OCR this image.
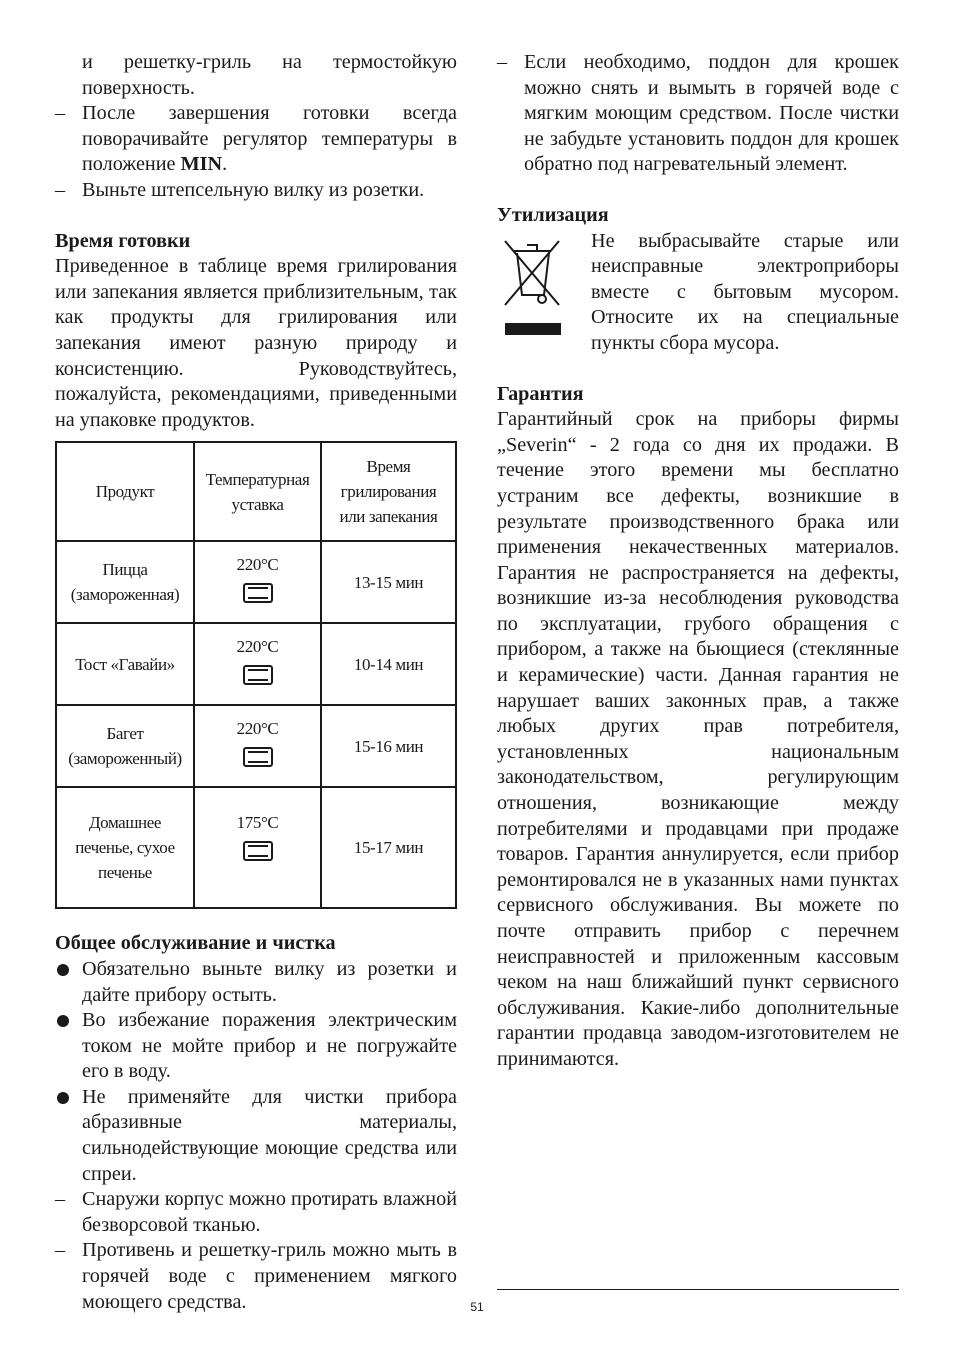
и решетку-гриль на термостойкую поверхность.
– После завершения готовки всегда поворачивайте регулятор температуры в положение MIN.
– Выньте штепсельную вилку из розетки.
Время готовки
Приведенное в таблице время грилирования или запекания является приблизительным, так как продукты для грилирования или запекания имеют разную природу и консистенцию. Руководствуйтесь, пожалуйста, рекомендациями, приведенными на упаковке продуктов.
Продукт	Температурная уставка	Время грилирования или запекания
Пицца (замороженная)	220°C	13-15 мин
Тост «Гавайи»	220°C	10-14 мин
Багет (замороженный)	220°C	15-16 мин
Домашнее печенье, сухое печенье	175°C	15-17 мин
Общее обслуживание и чистка
Обязательно выньте вилку из розетки и дайте прибору остыть.
Во избежание поражения электрическим током не мойте прибор и не погружайте его в воду.
Не применяйте для чистки прибора абразивные материалы, сильнодействующие моющие средства или спреи.
– Снаружи корпус можно протирать влажной безворсовой тканью.
– Противень и решетку-гриль можно мыть в горячей воде с применением мягкого моющего средства.
– Если необходимо, поддон для крошек можно снять и вымыть в горячей воде с мягким моющим средством. После чистки не забудьте установить поддон для крошек обратно под нагревательный элемент.
Утилизация
Не выбрасывайте старые или неисправные электроприборы вместе с бытовым мусором. Относите их на специальные пункты сбора мусора.
Гарантия
Гарантийный срок на приборы фирмы „Severin“ - 2 года со дня их продажи. В течение этого времени мы бесплатно устраним все дефекты, возникшие в результате производственного брака или применения некачественных материалов. Гарантия не распространяется на дефекты, возникшие из-за несоблюдения руководства по эксплуатации, грубого обращения с прибором, а также на бьющиеся (стеклянные и керамические) части. Данная гарантия не нарушает ваших законных прав, а также любых других прав потребителя, установленных национальным законодательством, регулирующим отношения, возникающие между потребителями и продавцами при продаже товаров. Гарантия аннулируется, если прибор ремонтировался не в указанных нами пунктах сервисного обслуживания. Вы можете по почте отправить прибор с перечнем неисправностей и приложенным кассовым чеком на наш ближайший пункт сервисного обслуживания. Какие-либо дополнительные гарантии продавца заводом-изготовителем не принимаются.
51
